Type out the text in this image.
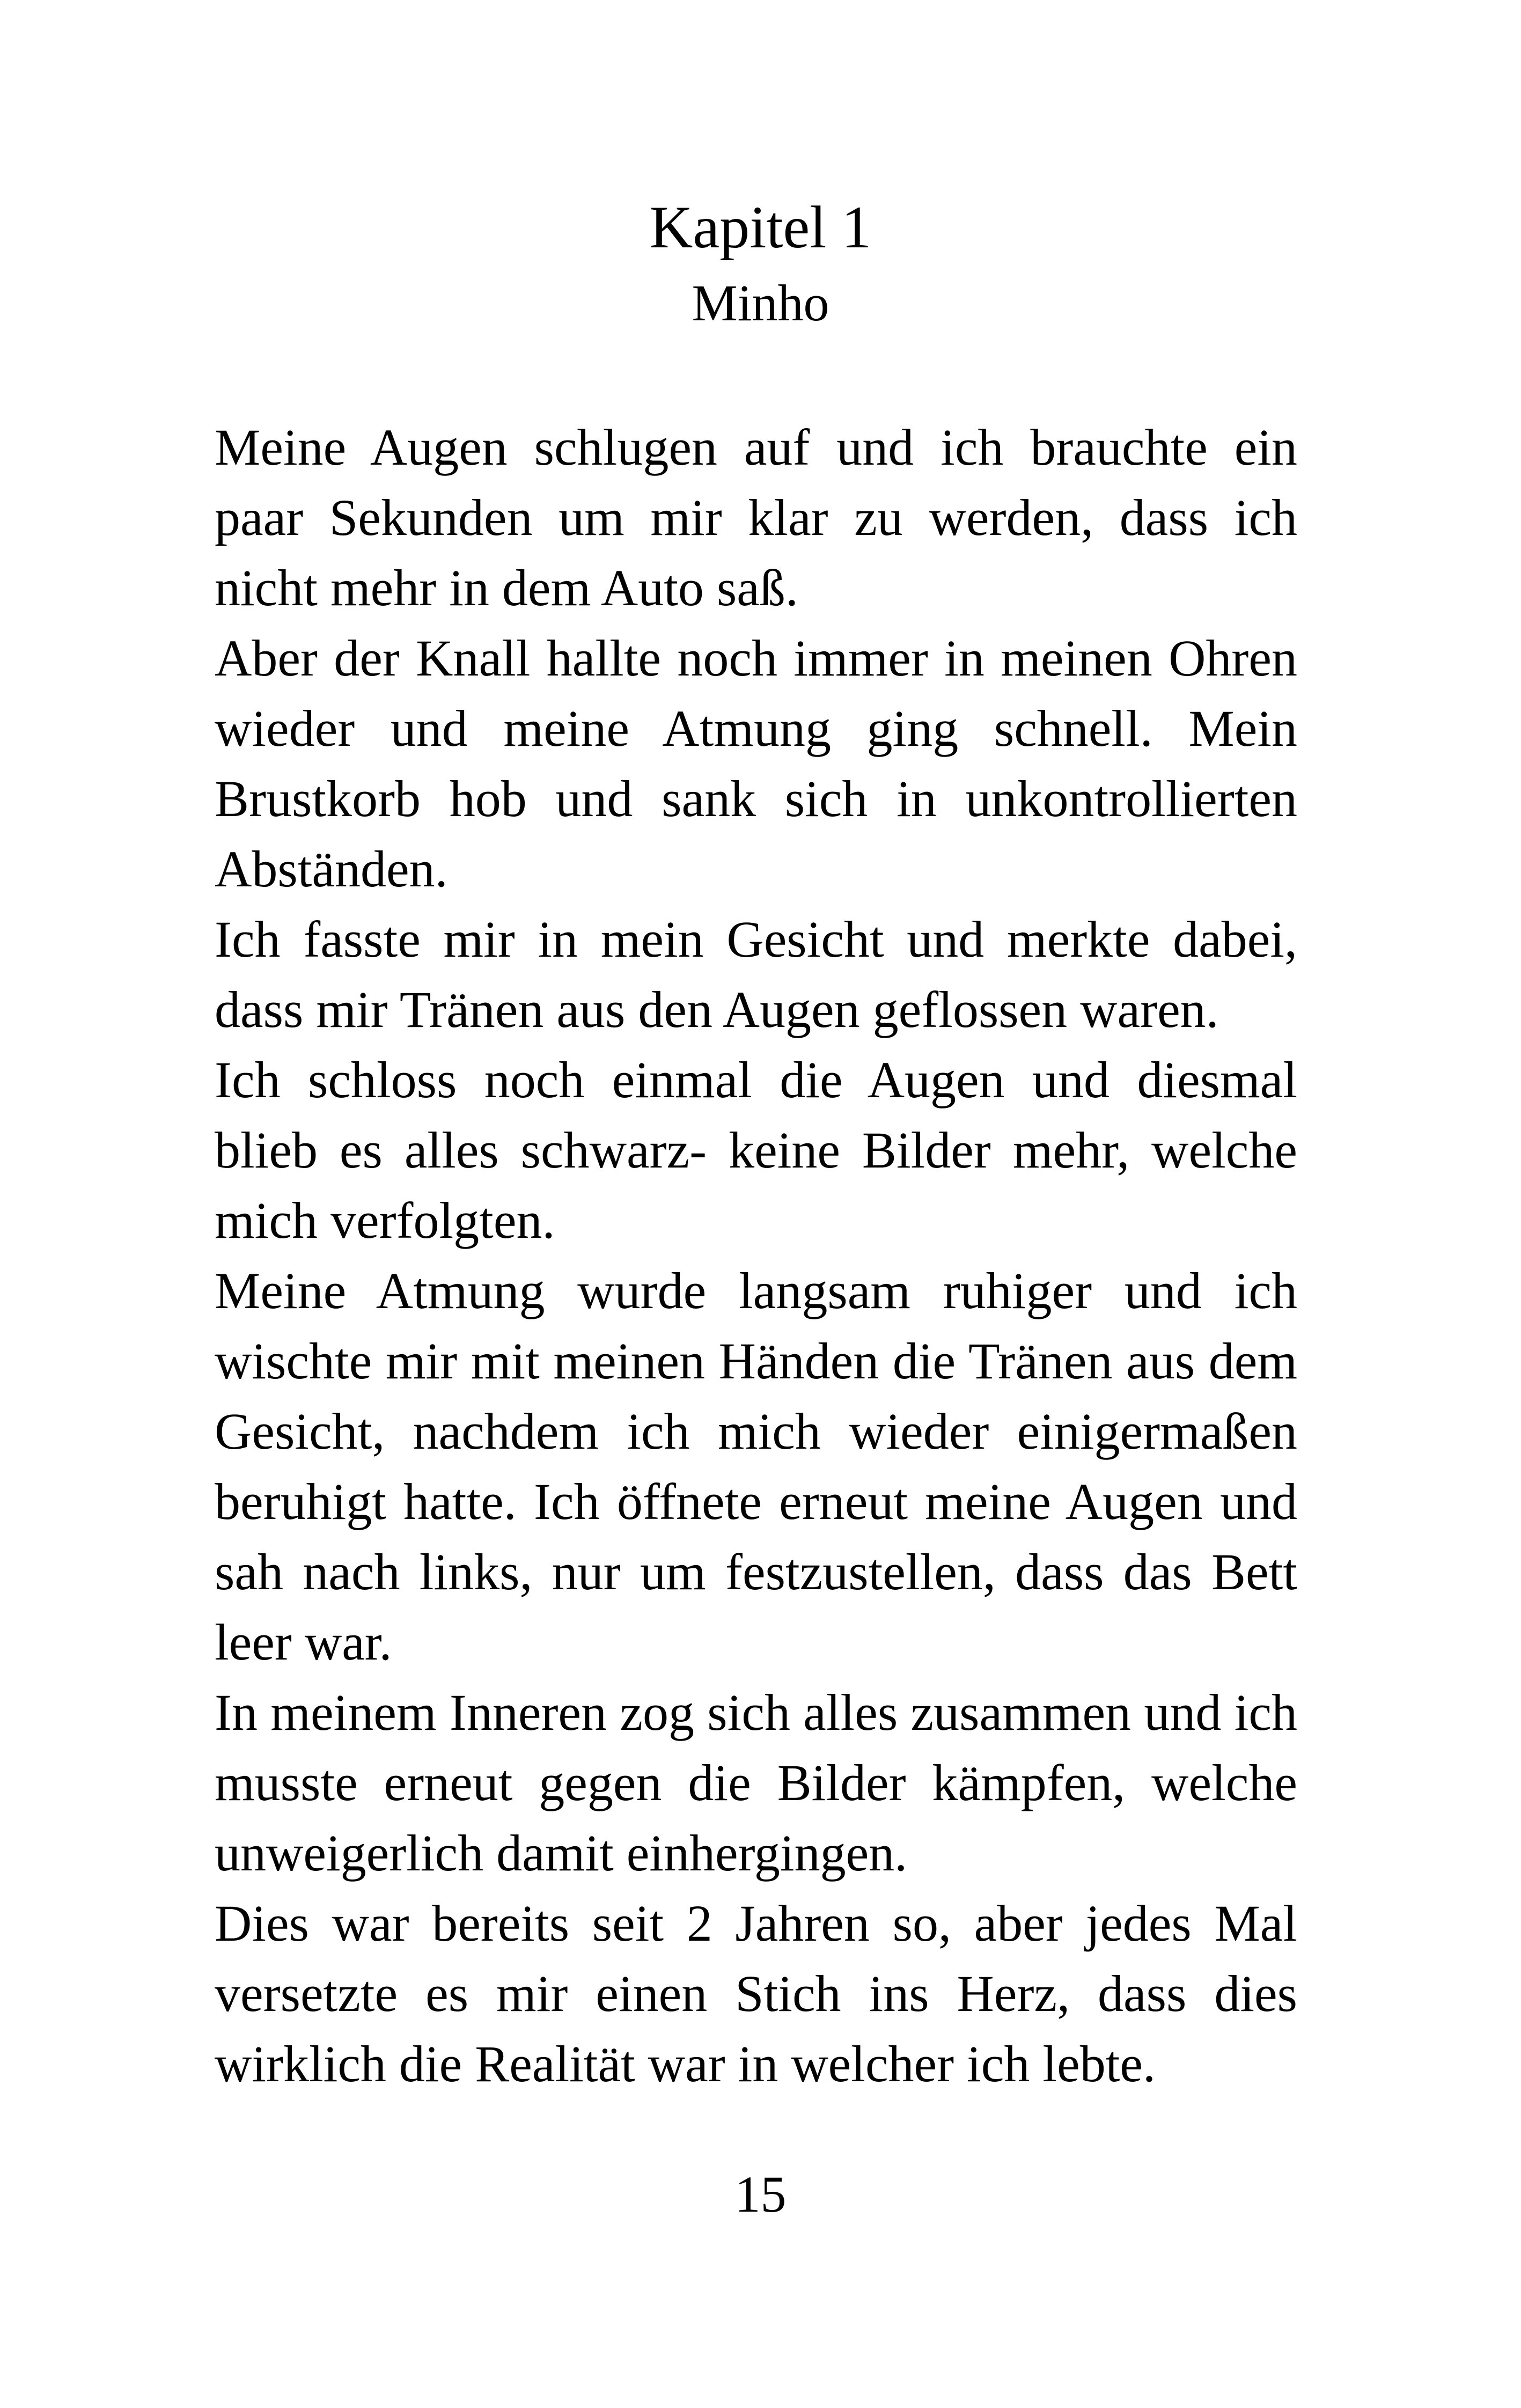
Kapitel 1
Minho

Meine Augen schlugen auf und ich brauchte ein paar Sekunden um mir klar zu werden, dass ich nicht mehr in dem Auto saß.

Aber der Knall hallte noch immer in meinen Ohren wieder und meine Atmung ging schnell. Mein Brustkorb hob und sank sich in unkontrollierten Abständen.

Ich fasste mir in mein Gesicht und merkte dabei, dass mir Tränen aus den Augen geflossen waren.

Ich schloss noch einmal die Augen und diesmal blieb es alles schwarz- keine Bilder mehr, welche mich verfolgten.

Meine Atmung wurde langsam ruhiger und ich wischte mir mit meinen Händen die Tränen aus dem Gesicht, nachdem ich mich wieder einigermaßen beruhigt hatte. Ich öffnete erneut meine Augen und sah nach links, nur um festzustellen, dass das Bett leer war.

In meinem Inneren zog sich alles zusammen und ich musste erneut gegen die Bilder kämpfen, welche unweigerlich damit einhergingen.

Dies war bereits seit 2 Jahren so, aber jedes Mal versetzte es mir einen Stich ins Herz, dass dies wirklich die Realität war in welcher ich lebte.

15
